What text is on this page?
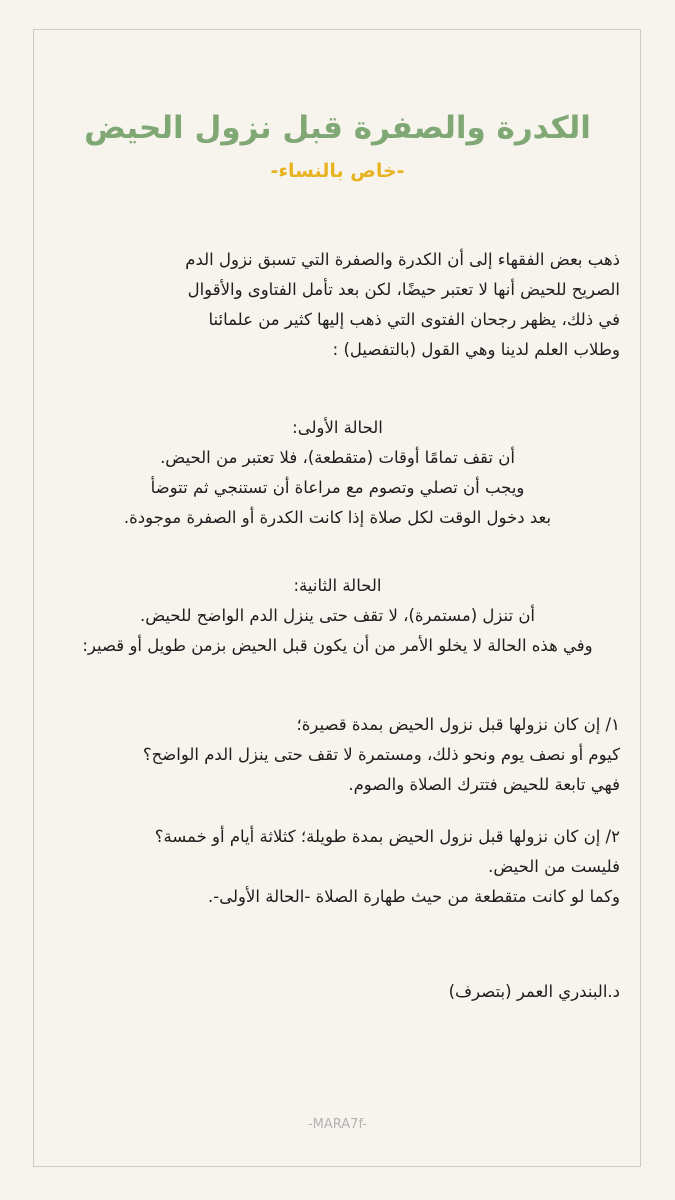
الكدرة والصفرة قبل نزول الحيض
-خاص بالنساء-
ذهب بعض الفقهاء إلى أن الكدرة والصفرة التي تسبق نزول الدم
الصريح للحيض أنها لا تعتبر حيضًا، لكن بعد تأمل الفتاوى والأقوال
في ذلك، يظهر رجحان الفتوى التي ذهب إليها كثير من علمائنا
وطلاب العلم لدينا وهي القول (بالتفصيل) :
الحالة الأولى:
أن تقف تمامًا أوقات (متقطعة)، فلا تعتبر من الحيض.
ويجب أن تصلي وتصوم مع مراعاة أن تستنجي ثم تتوضأ
بعد دخول الوقت لكل صلاة إذا كانت الكدرة أو الصفرة موجودة.
الحالة الثانية:
أن تنزل (مستمرة)، لا تقف حتى ينزل الدم الواضح للحيض.
وفي هذه الحالة لا يخلو الأمر من أن يكون قبل الحيض بزمن طويل أو قصير:
١/ إن كان نزولها قبل نزول الحيض بمدة قصيرة؛
كيوم أو نصف يوم ونحو ذلك، ومستمرة لا تقف حتى ينزل الدم الواضح؟
فهي تابعة للحيض فتترك الصلاة والصوم.
٢/ إن كان نزولها قبل نزول الحيض بمدة طويلة؛ كثلاثة أيام أو خمسة؟
فليست من الحيض.
وكما لو كانت متقطعة من حيث طهارة الصلاة -الحالة الأولى-.
د.البندري العمر (بتصرف)
-MARA7f-
